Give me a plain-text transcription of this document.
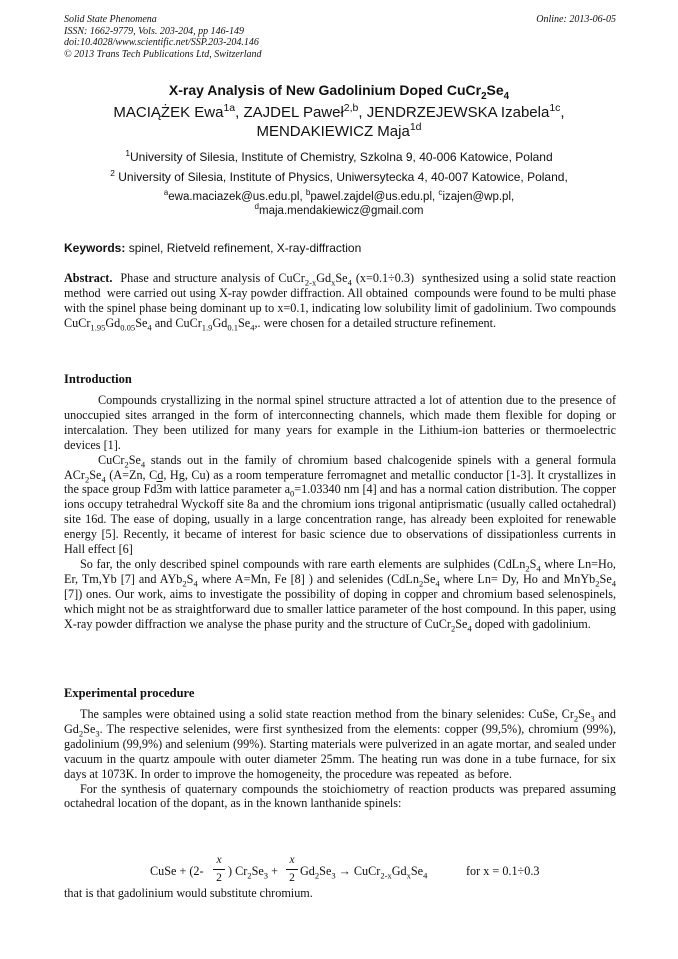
Solid State Phenomena
ISSN: 1662-9779, Vols. 203-204, pp 146-149
doi:10.4028/www.scientific.net/SSP.203-204.146
© 2013 Trans Tech Publications Ltd, Switzerland
Online: 2013-06-05
X-ray Analysis of New Gadolinium Doped $CuCr_2Se_4$
MACIĄŻEK Ewa$^{1a}$, ZAJDEL Paweł$^{2,b}$, JENDRZEJEWSKA Izabela$^{1c}$,
MENDAKIEWICZ Maja$^{1d}$
$^1$University of Silesia, Institute of Chemistry, Szkolna 9, 40-006 Katowice, Poland
$^2$ University of Silesia, Institute of Physics, Uniwersytecka 4, 40-007 Katowice, Poland,
$^a$ewa.maciazek@us.edu.pl, $^b$pawel.zajdel@us.edu.pl, $^c$izajen@wp.pl,
$^d$maja.mendakiewicz@gmail.com
Keywords: spinel, Rietveld refinement, X-ray-diffraction

Abstract.  Phase and structure analysis of $CuCr_{2-x}Gd_xSe_4$ (x=0.1÷0.3)  synthesized using a solid state reaction method  were carried out using X-ray powder diffraction. All obtained  compounds were found to be multi phase with the spinel phase being dominant up to x=0.1, indicating low solubility limit of gadolinium. Two compounds $CuCr_{1.95}Gd_{0.05}Se_4$ and $CuCr_{1.9}Gd_{0.1}Se_4$,. were chosen for a detailed structure refinement.

Introduction

Compounds crystallizing in the normal spinel structure attracted a lot of attention due to the presence of unoccupied sites arranged in the form of interconnecting channels, which made them flexible for doping or intercalation. They been utilized for many years for example in the Lithium-ion batteries or thermoelectric devices [1].

$CuCr_2Se_4$ stands out in the family of chromium based chalcogenide spinels with a general formula $ACr_2Se_4$ (A=Zn, Cd, Hg, Cu) as a room temperature ferromagnet and metallic conductor [1-3]. It crystallizes in the space group Fd3m with lattice parameter $a_0=1.03340$ nm [4] and has a normal cation distribution. The copper ions occupy tetrahedral Wyckoff site 8a and the chromium ions trigonal antiprismatic (usually called octahedral) site 16d. The ease of doping, usually in a large concentration range, has already been exploited for renewable energy [5]. Recently, it became of interest for basic science due to observations of dissipationless currents in Hall effect [6]

So far, the only described spinel compounds with rare earth elements are sulphides ($CdLn_2S_4$ where Ln=Ho, Er, Tm,Yb [7] and $AYb_2S_4$ where A=Mn, Fe [8] ) and selenides ($CdLn_2Se_4$ where Ln= Dy, Ho and $MnYb_2Se_4$ [7]) ones. Our work, aims to investigate the possibility of doping in copper and chromium based selenospinels, which might not be as straightforward due to smaller lattice parameter of the host compound. In this paper, using X-ray powder diffraction we analyse the phase purity and the structure of $CuCr_2Se_4$ doped with gadolinium.

Experimental procedure

The samples were obtained using a solid state reaction method from the binary selenides: CuSe, $Cr_2Se_3$ and $Gd_2Se_3$. The respective selenides, were first synthesized from the elements: copper (99,5%), chromium (99%), gadolinium (99,9%) and selenium (99%). Starting materials were pulverized in an agate mortar, and sealed under vacuum in the quartz ampoule with outer diameter 25mm. The heating run was done in a tube furnace, for six days at 1073K. In order to improve the homogeneity, the procedure was repeated  as before.

For the synthesis of quaternary compounds the stoichiometry of reaction products was prepared assuming octahedral location of the dopant, as in the known lanthanide spinels:

CuSe + (2-
x
2 ) $Cr_2Se_3$ +
x
2 $Gd_2Se_3$ → $CuCr_{2-x}Gd_xSe_4$	for x = 0.1÷0.3

that is that gadolinium would substitute chromium.
